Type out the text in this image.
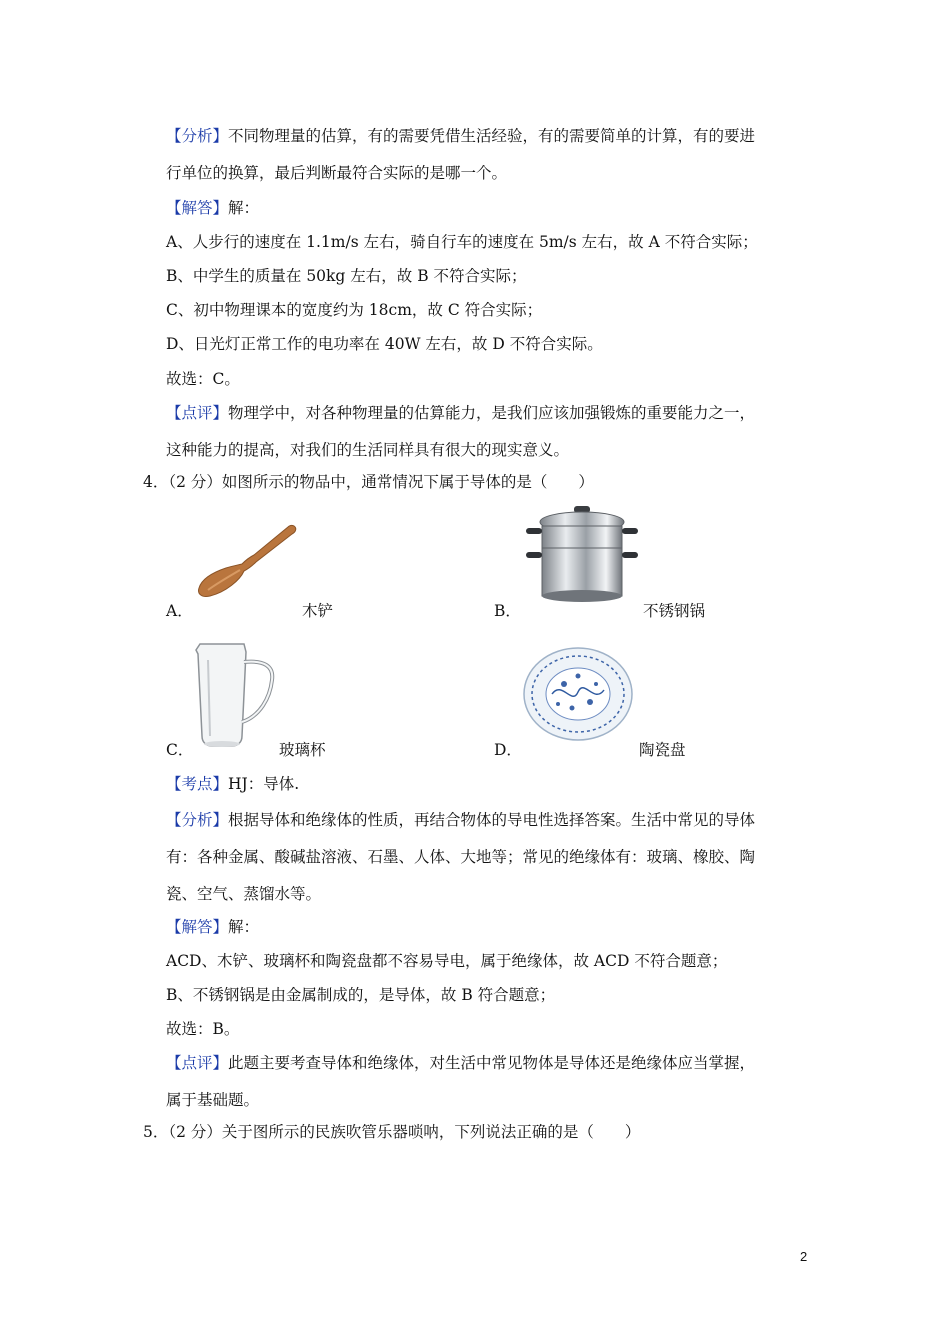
【分析】不同物理量的估算，有的需要凭借生活经验，有的需要简单的计算，有的要进
行单位的换算，最后判断最符合实际的是哪一个。
【解答】解：
A、人步行的速度在 1.1m/s 左右，骑自行车的速度在 5m/s 左右，故 A 不符合实际；
B、中学生的质量在 50kg 左右，故 B 不符合实际；
C、初中物理课本的宽度约为 18cm，故 C 符合实际；
D、日光灯正常工作的电功率在 40W 左右，故 D 不符合实际。
故选：C。
【点评】物理学中，对各种物理量的估算能力，是我们应该加强锻炼的重要能力之一，
这种能力的提高，对我们的生活同样具有很大的现实意义。
4．（2 分）如图所示的物品中，通常情况下属于导体的是（　　）
A．	木铲	B．	不锈钢锅
C．	玻璃杯	D．	陶瓷盘
【考点】HJ：导体.
【分析】根据导体和绝缘体的性质，再结合物体的导电性选择答案。生活中常见的导体
有：各种金属、酸碱盐溶液、石墨、人体、大地等；常见的绝缘体有：玻璃、橡胶、陶
瓷、空气、蒸馏水等。
【解答】解：
ACD、木铲、玻璃杯和陶瓷盘都不容易导电，属于绝缘体，故 ACD 不符合题意；
B、不锈钢锅是由金属制成的，是导体，故 B 符合题意；
故选：B。
【点评】此题主要考查导体和绝缘体，对生活中常见物体是导体还是绝缘体应当掌握，
属于基础题。
5．（2 分）关于图所示的民族吹管乐器唢呐，下列说法正确的是（　　）
2
